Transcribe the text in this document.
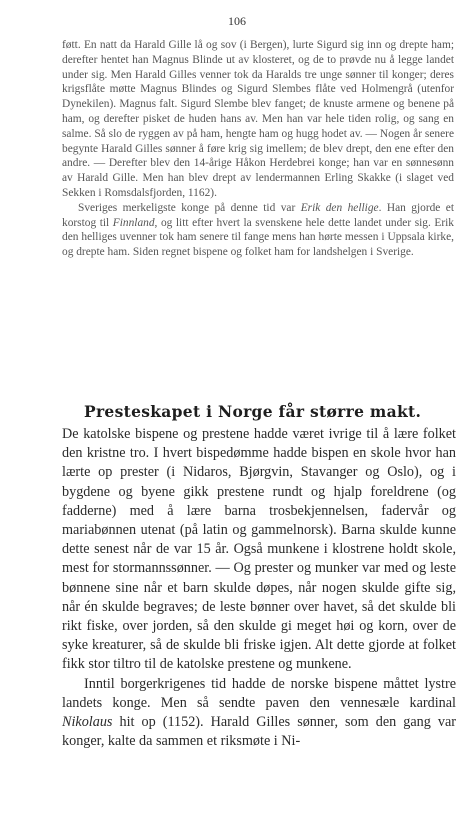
106

føtt. En natt da Harald Gille lå og sov (i Bergen), lurte Sigurd sig inn og drepte ham; derefter hentet han Magnus Blinde ut av klosteret, og de to prøvde nu å legge landet under sig. Men Harald Gilles venner tok da Haralds tre unge sønner til konger; deres krigsflåte møtte Magnus Blindes og Sigurd Slembes flåte ved Holmengrå (utenfor Dynekilen). Magnus falt. Sigurd Slembe blev fanget; de knuste armene og benene på ham, og derefter pisket de huden hans av. Men han var hele tiden rolig, og sang en salme. Så slo de ryggen av på ham, hengte ham og hugg hodet av. — Nogen år senere begynte Harald Gilles sønner å føre krig sig imellem; de blev drept, den ene efter den andre. — Derefter blev den 14-årige Håkon Herdebrei konge; han var en sønnesønn av Harald Gille. Men han blev drept av lendermannen Erling Skakke (i slaget ved Sekken i Romsdalsfjorden, 1162).

Sveriges merkeligste konge på denne tid var Erik den hellige. Han gjorde et korstog til Finnland, og litt efter hvert la svenskene hele dette landet under sig. Erik den helliges uvenner tok ham senere til fange mens han hørte messen i Uppsala kirke, og drepte ham. Siden regnet bispene og folket ham for landshelgen i Sverige.

Presteskapet i Norge får større makt.

De katolske bispene og prestene hadde været ivrige til å lære folket den kristne tro. I hvert bispedømme hadde bispen en skole hvor han lærte op prester (i Nidaros, Bjørgvin, Stavanger og Oslo), og i bygdene og byene gikk prestene rundt og hjalp foreldrene (og fadderne) med å lære barna trosbekjennelsen, fadervår og mariabønnen utenat (på latin og gammelnorsk). Barna skulde kunne dette senest når de var 15 år. Også munkene i klostrene holdt skole, mest for stormannssønner. — Og prester og munker var med og leste bønnene sine når et barn skulde døpes, når nogen skulde gifte sig, når én skulde begraves; de leste bønner over havet, så det skulde bli rikt fiske, over jorden, så den skulde gi meget høi og korn, over de syke kreaturer, så de skulde bli friske igjen. Alt dette gjorde at folket fikk stor tiltro til de katolske prestene og munkene.

Inntil borgerkrigenes tid hadde de norske bispene måttet lystre landets konge. Men så sendte paven den vennesæle kardinal Nikolaus hit op (1152). Harald Gilles sønner, som den gang var konger, kalte da sammen et riksmøte i Ni-
